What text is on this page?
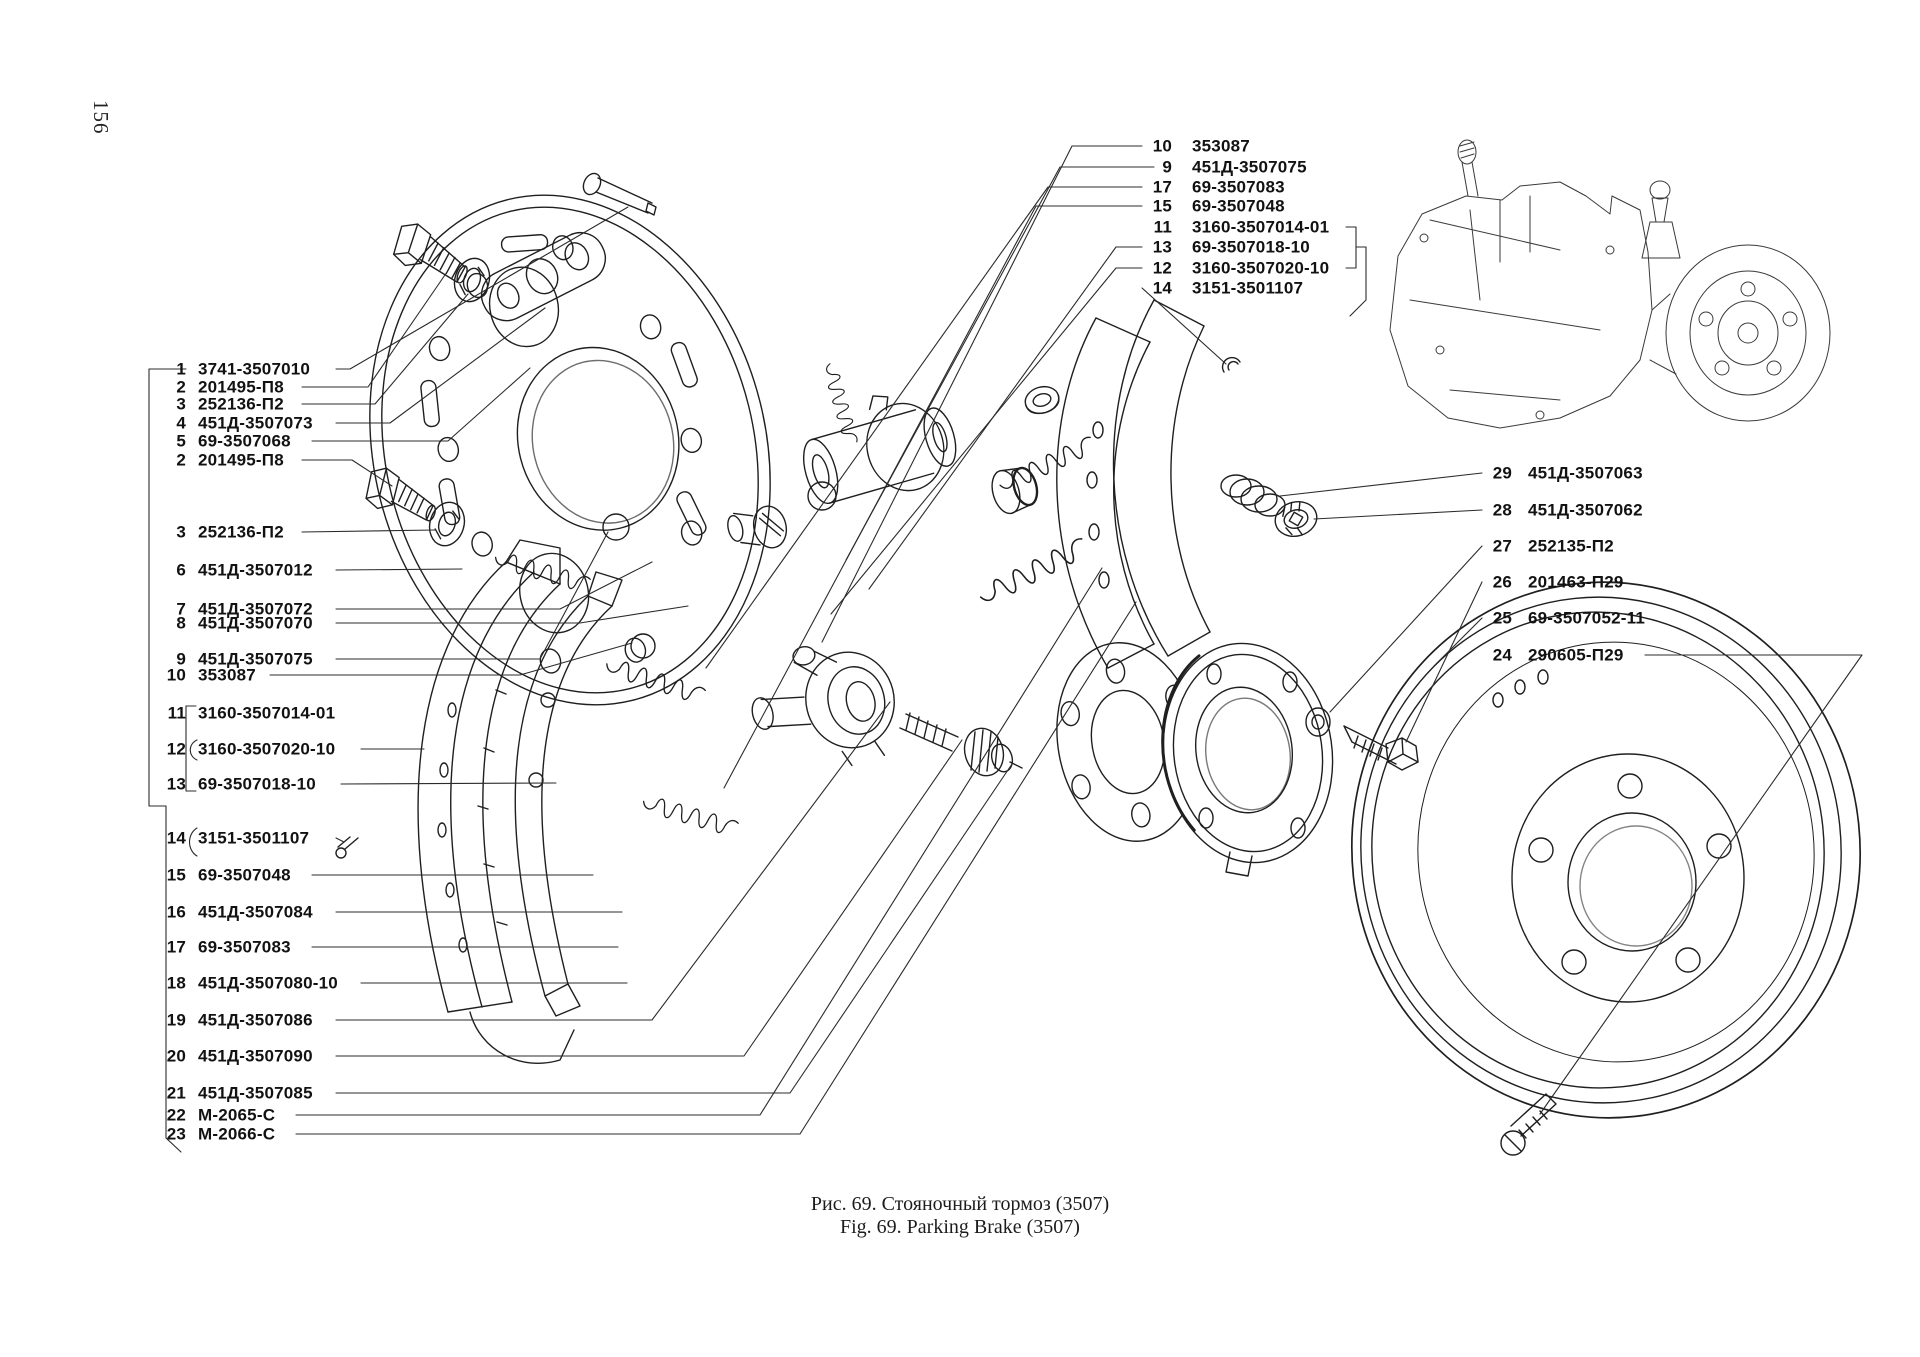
156
1 3741-3507010
2 201495-П8
3 252136-П2
4 451Д-3507073
5 69-3507068
2 201495-П8
3 252136-П2
6 451Д-3507012
7 451Д-3507072
8 451Д-3507070
9 451Д-3507075
10 353087
11 3160-3507014-01
12 3160-3507020-10
13 69-3507018-10
14 3151-3501107
15 69-3507048
16 451Д-3507084
17 69-3507083
18 451Д-3507080-10
19 451Д-3507086
20 451Д-3507090
21 451Д-3507085
22 М-2065-С
23 М-2066-С
10 353087
9 451Д-3507075
17 69-3507083
15 69-3507048
11 3160-3507014-01
13 69-3507018-10
12 3160-3507020-10
14 3151-3501107
29 451Д-3507063
28 451Д-3507062
27 252135-П2
26 201463-П29
25 69-3507052-11
24 290605-П29
Рис. 69. Стояночный тормоз (3507)
Fig. 69. Parking Brake (3507)
